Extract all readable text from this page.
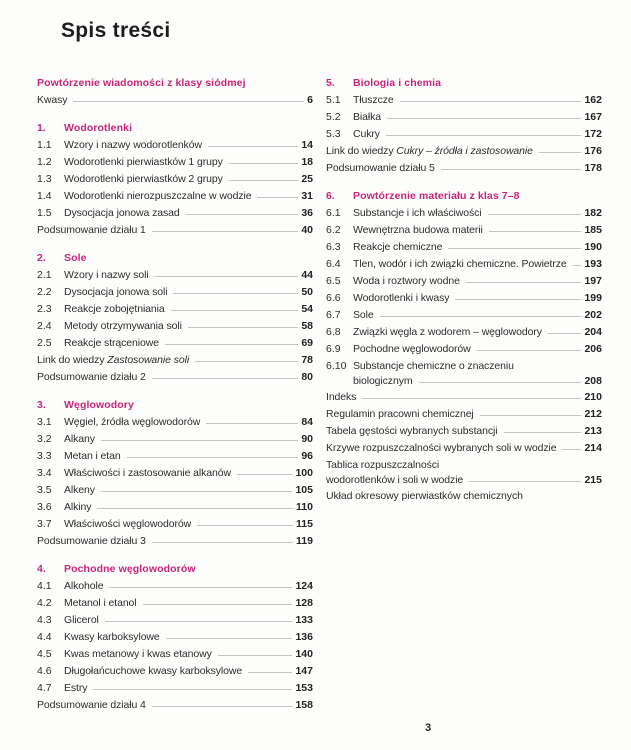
Spis treści
Powtórzenie wiadomości z klasy siódmej
Kwasy	6
1.	Wodorotlenki
1.1	Wzory i nazwy wodorotlenków	14
1.2	Wodorotlenki pierwiastków 1 grupy	18
1.3	Wodorotlenki pierwiastków 2 grupy	25
1.4	Wodorotlenki nierozpuszczalne w wodzie	31
1.5	Dysocjacja jonowa zasad	36
Podsumowanie działu 1	40
2.	Sole
2.1	Wzory i nazwy soli	44
2.2	Dysocjacja jonowa soli	50
2.3	Reakcje zobojętniania	54
2.4	Metody otrzymywania soli	58
2.5	Reakcje strąceniowe	69
Link do wiedzy Zastosowanie soli	78
Podsumowanie działu 2	80
3.	Węglowodory
3.1	Węgiel, źródła węglowodorów	84
3.2	Alkany	90
3.3	Metan i etan	96
3.4	Właściwości i zastosowanie alkanów	100
3.5	Alkeny	105
3.6	Alkiny	110
3.7	Właściwości węglowodorów	115
Podsumowanie działu 3	119
4.	Pochodne węglowodorów
4.1	Alkohole	124
4.2	Metanol i etanol	128
4.3	Glicerol	133
4.4	Kwasy karboksylowe	136
4.5	Kwas metanowy i kwas etanowy	140
4.6	Długołańcuchowe kwasy karboksylowe	147
4.7	Estry	153
Podsumowanie działu 4	158
5.	Biologia i chemia
5.1	Tłuszcze	162
5.2	Białka	167
5.3	Cukry	172
Link do wiedzy Cukry – źródła i zastosowanie	176
Podsumowanie działu 5	178
6.	Powtórzenie materiału z klas 7–8
6.1	Substancje i ich właściwości	182
6.2	Wewnętrzna budowa materii	185
6.3	Reakcje chemiczne	190
6.4	Tlen, wodór i ich związki chemiczne. Powietrze 193
6.5	Woda i roztwory wodne	197
6.6	Wodorotlenki i kwasy	199
6.7	Sole	202
6.8	Związki węgla z wodorem – węglowodory	204
6.9	Pochodne węglowodorów	206
6.10 Substancje chemiczne o znaczeniu
biologicznym	208
Indeks	210
Regulamin pracowni chemicznej	212
Tabela gęstości wybranych substancji	213
Krzywe rozpuszczalności wybranych soli w wodzie	214
Tablica rozpuszczalności
wodorotlenków i soli w wodzie	215
Układ okresowy pierwiastków chemicznych
3
